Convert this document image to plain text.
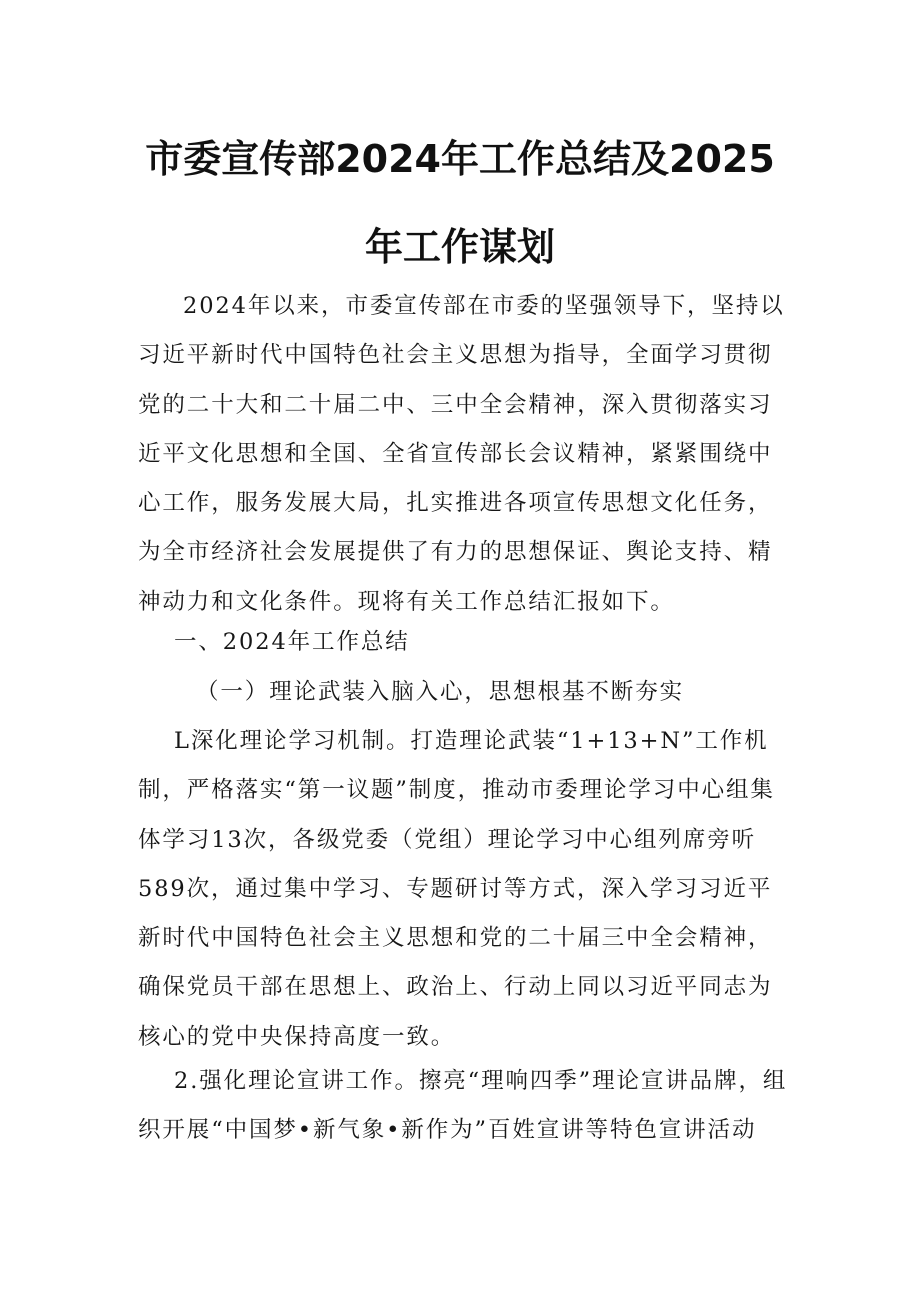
市委宣传部2024年工作总结及2025
年工作谋划
2024年以来，市委宣传部在市委的坚强领导下，坚持以习近平新时代中国特色社会主义思想为指导，全面学习贯彻党的二十大和二十届二中、三中全会精神，深入贯彻落实习近平文化思想和全国、全省宣传部长会议精神，紧紧围绕中心工作，服务发展大局，扎实推进各项宣传思想文化任务，为全市经济社会发展提供了有力的思想保证、舆论支持、精神动力和文化条件。现将有关工作总结汇报如下。
一、2024年工作总结
（一）理论武装入脑入心，思想根基不断夯实
L深化理论学习机制。打造理论武装“1+13+N”工作机制，严格落实“第一议题”制度，推动市委理论学习中心组集体学习13次，各级党委（党组）理论学习中心组列席旁听589次，通过集中学习、专题研讨等方式，深入学习习近平新时代中国特色社会主义思想和党的二十届三中全会精神，确保党员干部在思想上、政治上、行动上同以习近平同志为核心的党中央保持高度一致。
2.强化理论宣讲工作。擦亮“理响四季”理论宣讲品牌，组织开展“中国梦•新气象•新作为”百姓宣讲等特色宣讲活动
